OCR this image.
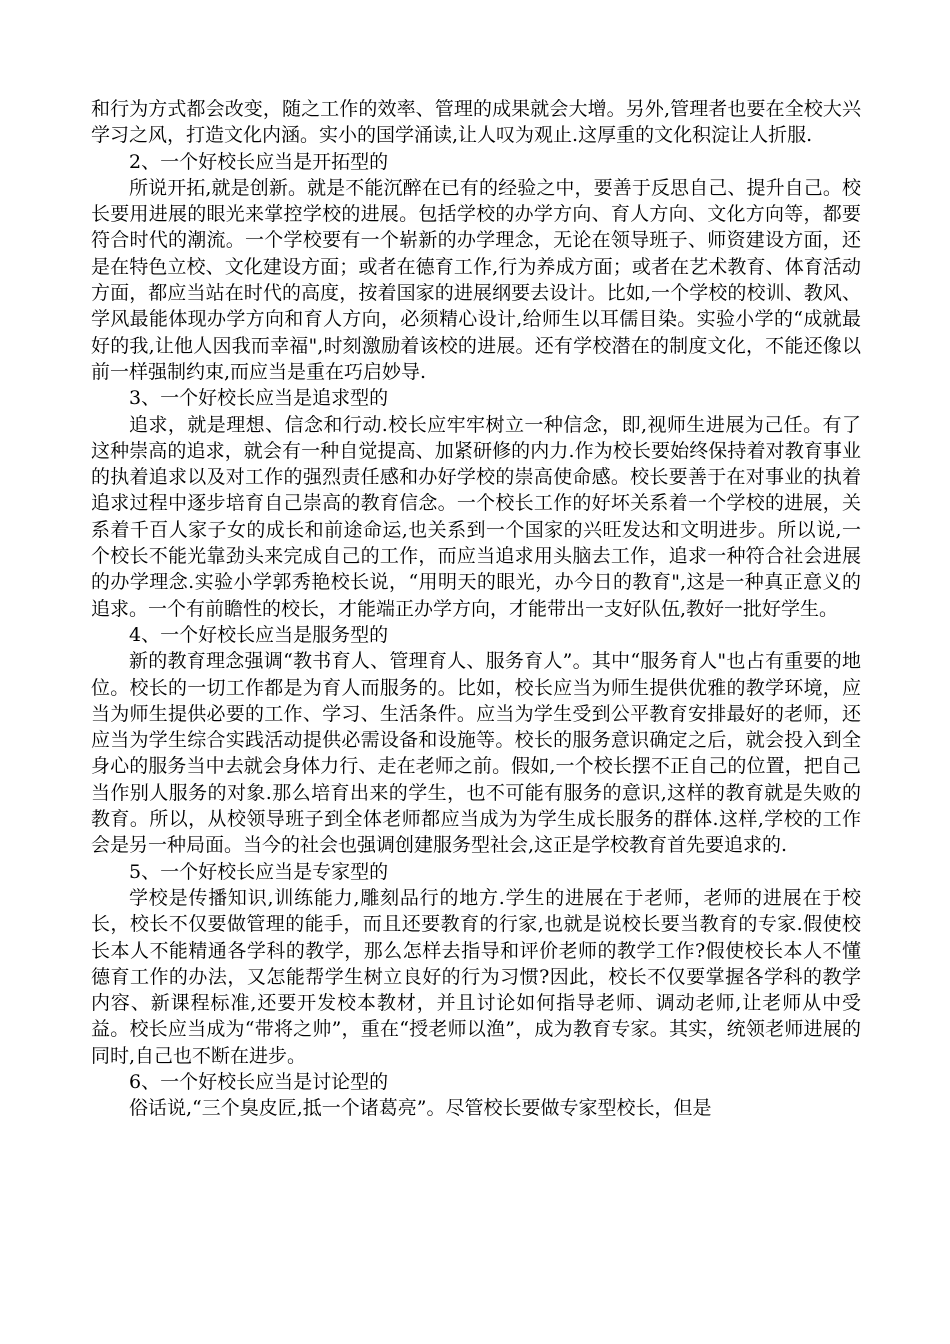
和行为方式都会改变，随之工作的效率、管理的成果就会大增。另外,管理者也要在全校大兴学习之风，打造文化内涵。实小的国学涌读,让人叹为观止.这厚重的文化积淀让人折服.

2、一个好校长应当是开拓型的

所说开拓,就是创新。就是不能沉醉在已有的经验之中，要善于反思自己、提升自己。校长要用进展的眼光来掌控学校的进展。包括学校的办学方向、育人方向、文化方向等，都要符合时代的潮流。一个学校要有一个崭新的办学理念，无论在领导班子、师资建设方面，还是在特色立校、文化建设方面；或者在德育工作,行为养成方面；或者在艺术教育、体育活动方面，都应当站在时代的高度，按着国家的进展纲要去设计。比如,一个学校的校训、教风、学风最能体现办学方向和育人方向，必须精心设计,给师生以耳儒目染。实验小学的“成就最好的我,让他人因我而幸福",时刻激励着该校的进展。还有学校潜在的制度文化，不能还像以前一样强制约束,而应当是重在巧启妙导.

3、一个好校长应当是追求型的

追求，就是理想、信念和行动.校长应牢牢树立一种信念，即,视师生进展为己任。有了这种崇高的追求，就会有一种自觉提高、加紧研修的内力.作为校长要始终保持着对教育事业的执着追求以及对工作的强烈责任感和办好学校的崇高使命感。校长要善于在对事业的执着追求过程中逐步培育自己崇高的教育信念。一个校长工作的好坏关系着一个学校的进展，关系着千百人家子女的成长和前途命运,也关系到一个国家的兴旺发达和文明进步。所以说,一个校长不能光靠劲头来完成自己的工作，而应当追求用头脑去工作，追求一种符合社会进展的办学理念.实验小学郭秀艳校长说，“用明天的眼光，办今日的教育",这是一种真正意义的追求。一个有前瞻性的校长，才能端正办学方向，才能带出一支好队伍,教好一批好学生。

4、一个好校长应当是服务型的

新的教育理念强调“教书育人、管理育人、服务育人”。其中“服务育人"也占有重要的地位。校长的一切工作都是为育人而服务的。比如，校长应当为师生提供优雅的教学环境，应当为师生提供必要的工作、学习、生活条件。应当为学生受到公平教育安排最好的老师，还应当为学生综合实践活动提供必需设备和设施等。校长的服务意识确定之后，就会投入到全身心的服务当中去就会身体力行、走在老师之前。假如,一个校长摆不正自己的位置，把自己当作别人服务的对象.那么培育出来的学生，也不可能有服务的意识,这样的教育就是失败的教育。所以，从校领导班子到全体老师都应当成为为学生成长服务的群体.这样,学校的工作会是另一种局面。当今的社会也强调创建服务型社会,这正是学校教育首先要追求的.

5、一个好校长应当是专家型的

学校是传播知识,训练能力,雕刻品行的地方.学生的进展在于老师，老师的进展在于校长，校长不仅要做管理的能手，而且还要教育的行家,也就是说校长要当教育的专家.假使校长本人不能精通各学科的教学，那么怎样去指导和评价老师的教学工作?假使校长本人不懂德育工作的办法，又怎能帮学生树立良好的行为习惯?因此，校长不仅要掌握各学科的教学内容、新课程标准,还要开发校本教材，并且讨论如何指导老师、调动老师,让老师从中受益。校长应当成为“带将之帅”，重在“授老师以渔”，成为教育专家。其实，统领老师进展的同时,自己也不断在进步。

6、一个好校长应当是讨论型的

俗话说,“三个臭皮匠,抵一个诸葛亮”。尽管校长要做专家型校长，但是
